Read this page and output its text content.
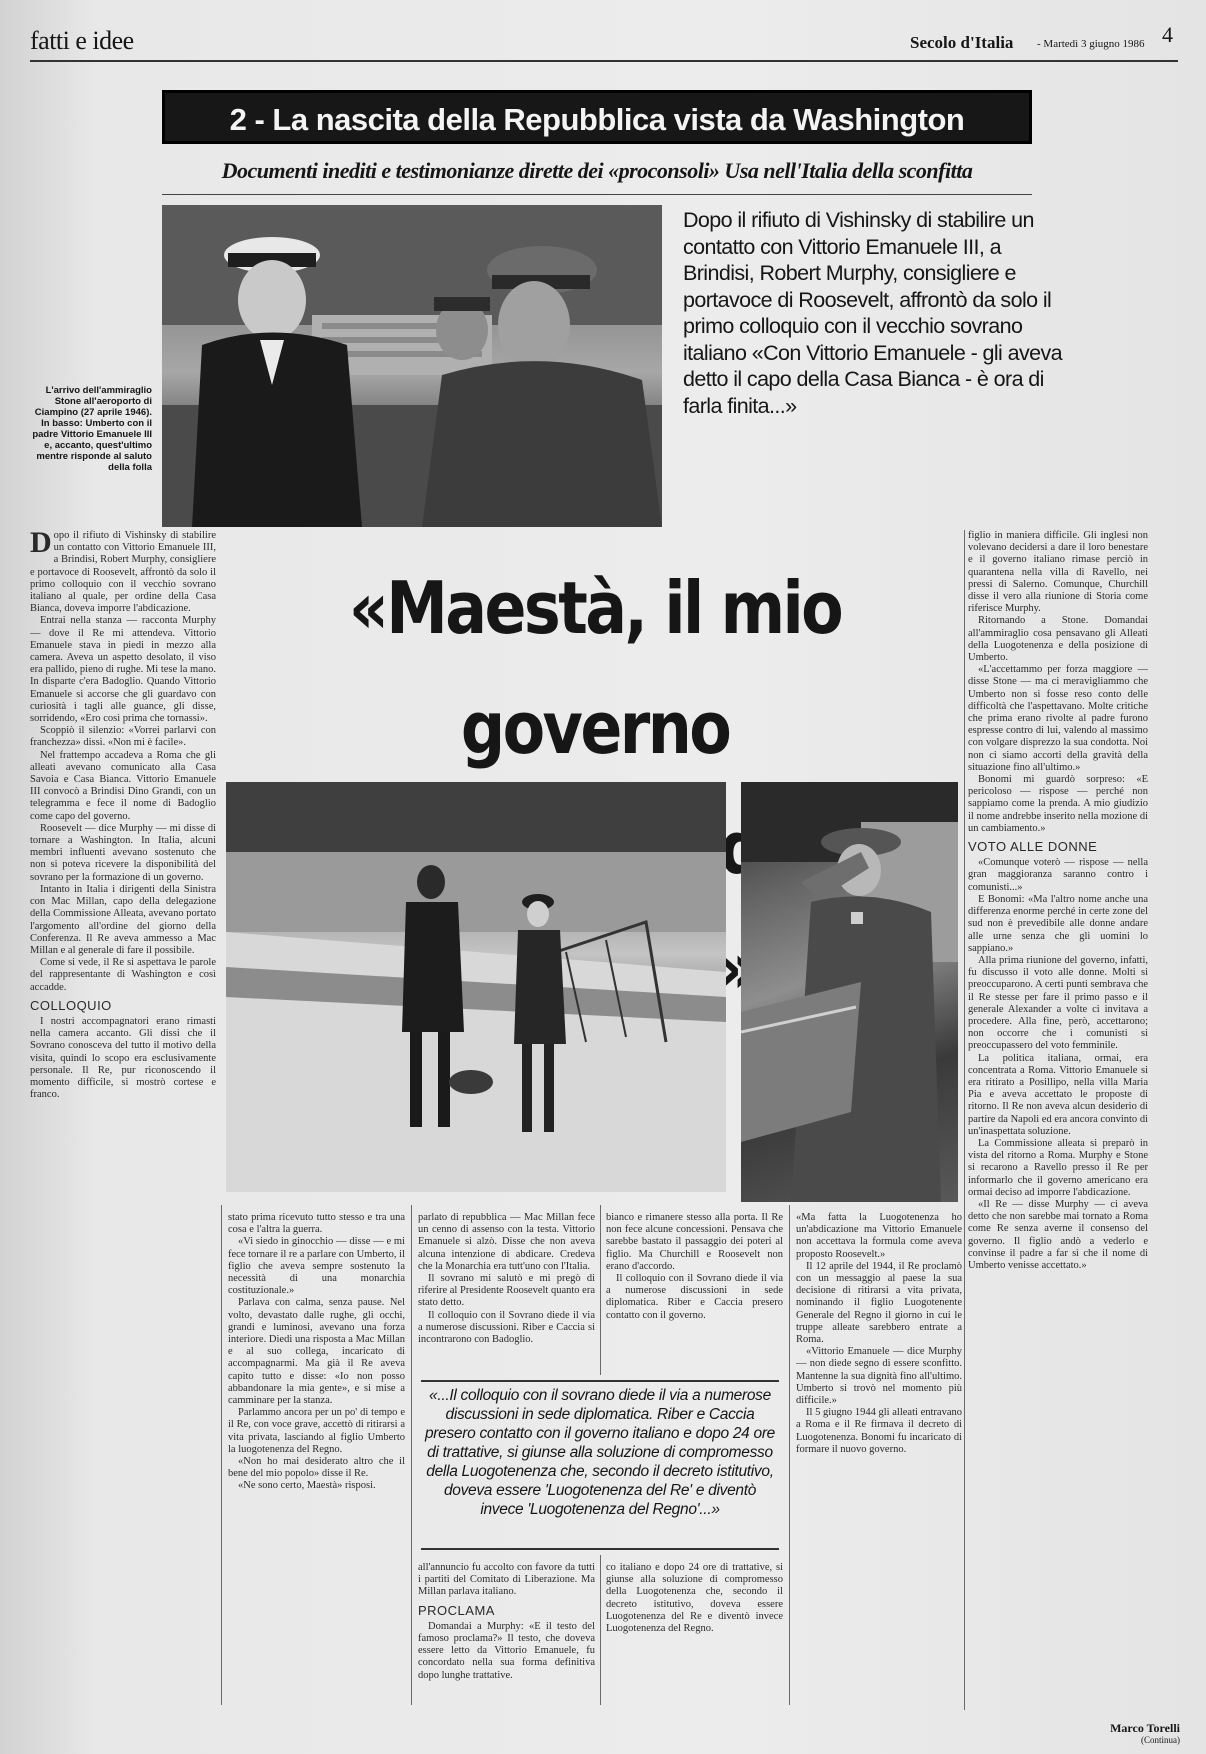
fatti e idee	Secolo d'Italia - Martedì 3 giugno 1986 4
2 - La nascita della Repubblica vista da Washington
Documenti inediti e testimonianze dirette dei «proconsoli» Usa nell'Italia della sconfitta
L'arrivo dell'ammiraglio Stone all'aeroporto di Ciampino (27 aprile 1946). In basso: Umberto con il padre Vittorio Emanuele III e, accanto, quest'ultimo mentre risponde al saluto della folla
Dopo il rifiuto di Vishinsky di stabilire un contatto con Vittorio Emanuele III, a Brindisi, Robert Murphy, consigliere e portavoce di Roosevelt, affrontò da solo il primo colloquio con il vecchio sovrano italiano «Con Vittorio Emanuele - gli aveva detto il capo della Casa Bianca - è ora di farla finita...»
«Maestà, il mio governo

Dopo il rifiuto di Vishinsky di stabilire un contatto con Vittorio Emanuele III, a Brindisi, Robert Murphy, consigliere e portavoce di Roosevelt, affrontò da solo il primo colloquio con il vecchio sovrano italiano al quale, per ordine della Casa Bianca, doveva imporre l'abdicazione.

Entrai nella stanza — racconta Murphy — dove il Re mi attendeva. Vittorio Emanuele stava in piedi in mezzo alla camera. Aveva un aspetto desolato, il viso era pallido, pieno di rughe. Mi tese la mano. In disparte c'era Badoglio. Quando Vittorio Emanuele si accorse che gli guardavo con curiosità i tagli alle guance, gli disse, sorridendo, «Ero così prima che tornassi».

Scoppiò il silenzio: «Vorrei parlarvi con franchezza» dissi. «Non mi è facile».

Nel frattempo accadeva a Roma che gli alleati avevano comunicato alla Casa Savoia e Casa Bianca. Vittorio Emanuele III convocò a Brindisi Dino Grandi, con un telegramma e fece il nome di Badoglio come capo del governo.

Roosevelt — dice Murphy — mi disse di tornare a Washington. In Italia, alcuni membri influenti avevano sostenuto che non si poteva ricevere la disponibilità del sovrano per la formazione di un governo.

Intanto in Italia i dirigenti della Sinistra con Mac Millan, capo della delegazione della Commissione Alleata, avevano portato l'argomento all'ordine del giorno della Conferenza. Il Re aveva ammesso a Mac Millan e al generale di fare il possibile.

Come si vede, il Re si aspettava le parole del rappresentante di Washington e così accadde.

COLLOQUIO

I nostri accompagnatori erano rimasti nella camera accanto. Gli dissi che il Sovrano conosceva del tutto il motivo della visita, quindi lo scopo era esclusivamente personale. Il Re, pur riconoscendo il momento difficile, si mostrò cortese e franco.

figlio in maniera difficile. Gli inglesi non volevano decidersi a dare il loro benestare e il governo italiano rimase perciò in quarantena nella villa di Ravello, nei pressi di Salerno. Comunque, Churchill disse il vero alla riunione di Storia come riferisce Murphy.

Ritornando a Stone. Domandai all'ammiraglio cosa pensavano gli Alleati della Luogotenenza e della posizione di Umberto.

«L'accettammo per forza maggiore — disse Stone — ma ci meravigliammo che Umberto non si fosse reso conto delle difficoltà che l'aspettavano. Molte critiche che prima erano rivolte al padre furono espresse contro di lui, valendo al massimo con volgare disprezzo la sua condotta. Noi non ci siamo accorti della gravità della situazione fino all'ultimo.»

Bonomi mi guardò sorpreso: «E pericoloso — rispose — perché non sappiamo come la prenda. A mio giudizio il nome andrebbe inserito nella mozione di un cambiamento.»

VOTO ALLE DONNE

«Comunque voterò — rispose — nella gran maggioranza saranno contro i comunisti...»

E Bonomi: «Ma l'altro nome anche una differenza enorme perché in certe zone del sud non è prevedibile alle donne andare alle urne senza che gli uomini lo sappiano.»

Alla prima riunione del governo, infatti, fu discusso il voto alle donne. Molti si preoccuparono. A certi punti sembrava che il Re stesse per fare il primo passo e il generale Alexander a volte ci invitava a procedere. Alla fine, però, accettarono; non occorre che i comunisti si preoccupassero del voto femminile.

La politica italiana, ormai, era concentrata a Roma. Vittorio Emanuele si era ritirato a Posillipo, nella villa Maria Pia e aveva accettato le proposte di ritorno. Il Re non aveva alcun desiderio di partire da Napoli ed era ancora convinto di un'inaspettata soluzione.

La Commissione alleata si preparò in vista del ritorno a Roma. Murphy e Stone si recarono a Ravello presso il Re per informarlo che il governo americano era ormai deciso ad imporre l'abdicazione.

«Il Re — disse Murphy — ci aveva detto che non sarebbe mai tornato a Roma come Re senza averne il consenso del governo. Il figlio andò a vederlo e convinse il padre a far sì che il nome di Umberto venisse accettato.»

stato prima ricevuto tutto stesso e tra una cosa e l'altra la guerra.

«Vi siedo in ginocchio — disse — e mi fece tornare il re a parlare con Umberto, il figlio che aveva sempre sostenuto la necessità di una monarchia costituzionale.»

Parlava con calma, senza pause. Nel volto, devastato dalle rughe, gli occhi, grandi e luminosi, avevano una forza interiore. Diedi una risposta a Mac Millan e al suo collega, incaricato di accompagnarmi. Ma già il Re aveva capito tutto e disse: «Io non posso abbandonare la mia gente», e si mise a camminare per la stanza.

Parlammo ancora per un po' di tempo e il Re, con voce grave, accettò di ritirarsi a vita privata, lasciando al figlio Umberto la luogotenenza del Regno.

«Non ho mai desiderato altro che il bene del mio popolo» disse il Re.

«Ne sono certo, Maestà» risposi.

parlato di repubblica — Mac Millan fece un cenno di assenso con la testa. Vittorio Emanuele si alzò. Disse che non aveva alcuna intenzione di abdicare. Credeva che la Monarchia era tutt'uno con l'Italia.

Il sovrano mi salutò e mi pregò di riferire al Presidente Roosevelt quanto era stato detto.

Il colloquio con il Sovrano diede il via a numerose discussioni. Riber e Caccia si incontrarono con Badoglio.

bianco e rimanere stesso alla porta. Il Re non fece alcune concessioni. Pensava che sarebbe bastato il passaggio dei poteri al figlio. Ma Churchill e Roosevelt non erano d'accordo.

Il colloquio con il Sovrano diede il via a numerose discussioni in sede diplomatica. Riber e Caccia presero contatto con il governo.

«Ma fatta la Luogotenenza ho un'abdicazione ma Vittorio Emanuele non accettava la formula come aveva proposto Roosevelt.»

Il 12 aprile del 1944, il Re proclamò con un messaggio al paese la sua decisione di ritirarsi a vita privata, nominando il figlio Luogotenente Generale del Regno il giorno in cui le truppe alleate sarebbero entrate a Roma.

«Vittorio Emanuele — dice Murphy — non diede segno di essere sconfitto. Mantenne la sua dignità fino all'ultimo. Umberto si trovò nel momento più difficile.»

Il 5 giugno 1944 gli alleati entravano a Roma e il Re firmava il decreto di Luogotenenza. Bonomi fu incaricato di formare il nuovo governo.

«...Il colloquio con il sovrano diede il via a numerose discussioni in sede diplomatica. Riber e Caccia presero contatto con il governo italiano e dopo 24 ore di trattative, si giunse alla soluzione di compromesso della Luogotenenza che, secondo il decreto istitutivo, doveva essere 'Luogotenenza del Re' e diventò invece 'Luogotenenza del Regno'...»

all'annuncio fu accolto con favore da tutti i partiti del Comitato di Liberazione. Ma Millan parlava italiano.

PROCLAMA

Domandai a Murphy: «E il testo del famoso proclama?» Il testo, che doveva essere letto da Vittorio Emanuele, fu concordato nella sua forma definitiva dopo lunghe trattative.

co italiano e dopo 24 ore di trattative, si giunse alla soluzione di compromesso della Luogotenenza che, secondo il decreto istitutivo, doveva essere Luogotenenza del Re e diventò invece Luogotenenza del Regno.

Marco Torelli
(Continua)
